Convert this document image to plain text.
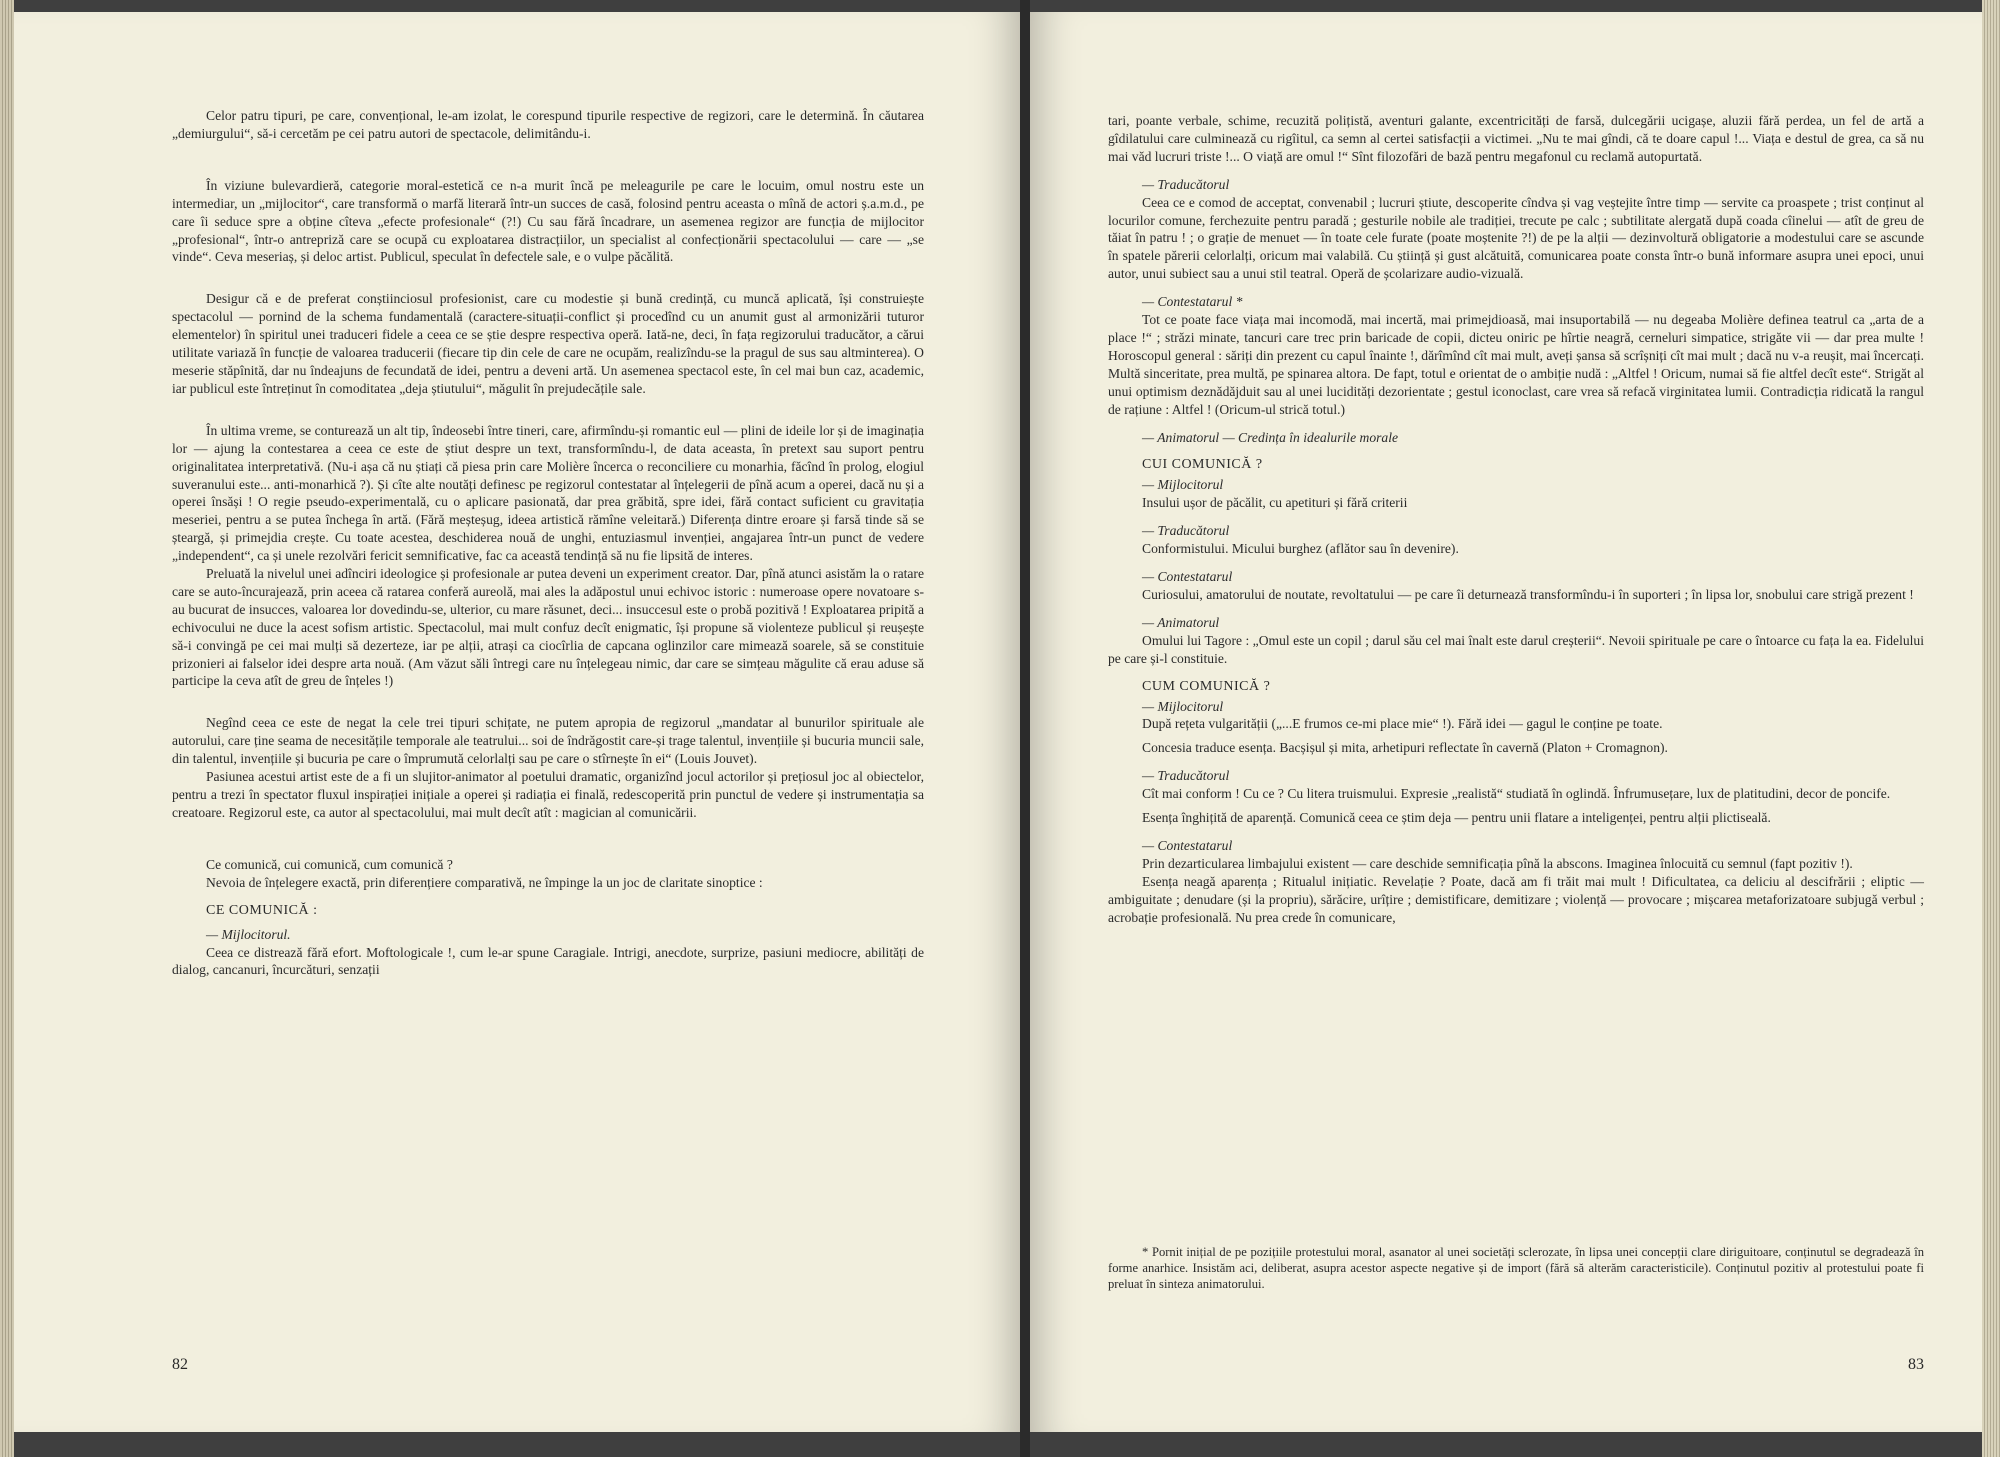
Celor patru tipuri, pe care, convențional, le-am izolat, le corespund tipurile respective de regizori, care le determină. În căutarea „demiurgului“, să-i cercetăm pe cei patru autori de spectacole, delimitându-i.

În viziune bulevardieră, categorie moral-estetică ce n-a murit încă pe meleagurile pe care le locuim, omul nostru este un intermediar, un „mijlocitor“, care transformă o marfă literară într-un succes de casă, folosind pentru aceasta o mînă de actori ș.a.m.d., pe care îi seduce spre a obține cîteva „efecte profesionale“ (?!) Cu sau fără încadrare, un asemenea regizor are funcția de mijlocitor „profesional“, într-o antrepriză care se ocupă cu exploatarea distracțiilor, un specialist al confecționării spectacolului — care — „se vinde“. Ceva meseriaș, și deloc artist. Publicul, speculat în defectele sale, e o vulpe păcălită.

Desigur că e de preferat conștiinciosul profesionist, care cu modestie și bună credință, cu muncă aplicată, își construiește spectacolul — pornind de la schema fundamentală (caractere-situații-conflict și procedînd cu un anumit gust al armonizării tuturor elementelor) în spiritul unei traduceri fidele a ceea ce se știe despre respectiva operă. Iată-ne, deci, în fața regizorului traducător, a cărui utilitate variază în funcție de valoarea traducerii (fiecare tip din cele de care ne ocupăm, realizîndu-se la pragul de sus sau altminterea). O meserie stăpînită, dar nu îndeajuns de fecundată de idei, pentru a deveni artă. Un asemenea spectacol este, în cel mai bun caz, academic, iar publicul este întreținut în comoditatea „deja știutului“, măgulit în prejudecățile sale.

În ultima vreme, se conturează un alt tip, îndeosebi între tineri, care, afirmîndu-și romantic eul — plini de ideile lor și de imaginația lor — ajung la contestarea a ceea ce este de știut despre un text, transformîndu-l, de data aceasta, în pretext sau suport pentru originalitatea interpretativă. (Nu-i așa că nu știați că piesa prin care Molière încerca o reconciliere cu monarhia, făcînd în prolog, elogiul suveranului este... anti-monarhică ?). Și cîte alte noutăți definesc pe regizorul contestatar al înțelegerii de pînă acum a operei, dacă nu și a operei însăși ! O regie pseudo-experimentală, cu o aplicare pasionată, dar prea grăbită, spre idei, fără contact suficient cu gravitația meseriei, pentru a se putea închega în artă. (Fără meșteșug, ideea artistică rămîne veleitară.) Diferența dintre eroare și farsă tinde să se șteargă, și primejdia crește. Cu toate acestea, deschiderea nouă de unghi, entuziasmul invenției, angajarea într-un punct de vedere „independent“, ca și unele rezolvări fericit semnificative, fac ca această tendință să nu fie lipsită de interes.

Preluată la nivelul unei adînciri ideologice și profesionale ar putea deveni un experiment creator. Dar, pînă atunci asistăm la o ratare care se auto-încurajează, prin aceea că ratarea conferă aureolă, mai ales la adăpostul unui echivoc istoric : numeroase opere novatoare s-au bucurat de insucces, valoarea lor dovedindu-se, ulterior, cu mare răsunet, deci... insuccesul este o probă pozitivă ! Exploatarea pripită a echivocului ne duce la acest sofism artistic. Spectacolul, mai mult confuz decît enigmatic, își propune să violenteze publicul și reușește să-i convingă pe cei mai mulți să dezerteze, iar pe alții, atrași ca ciocîrlia de capcana oglinzilor care mimează soarele, să se constituie prizonieri ai falselor idei despre arta nouă. (Am văzut săli întregi care nu înțelegeau nimic, dar care se simțeau măgulite că erau aduse să participe la ceva atît de greu de înțeles !)

Negînd ceea ce este de negat la cele trei tipuri schițate, ne putem apropia de regizorul „mandatar al bunurilor spirituale ale autorului, care ține seama de necesitățile temporale ale teatrului... soi de îndrăgostit care-și trage talentul, invențiile și bucuria muncii sale, din talentul, invențiile și bucuria pe care o împrumută celorlalți sau pe care o stîrnește în ei“ (Louis Jouvet).

Pasiunea acestui artist este de a fi un slujitor-animator al poetului dramatic, organizînd jocul actorilor și prețiosul joc al obiectelor, pentru a trezi în spectator fluxul inspirației inițiale a operei și radiația ei finală, redescoperită prin punctul de vedere și instrumentația sa creatoare. Regizorul este, ca autor al spectacolului, mai mult decît atît : magician al comunicării.

Ce comunică, cui comunică, cum comunică ?

Nevoia de înțelegere exactă, prin diferențiere comparativă, ne împinge la un joc de claritate sinoptice :

CE COMUNICĂ :
— Mijlocitorul.

Ceea ce distrează fără efort. Moftologicale !, cum le-ar spune Caragiale. Intrigi, anecdote, surprize, pasiuni mediocre, abilități de dialog, cancanuri, încurcături, senzații

82

tari, poante verbale, schime, recuzită polițistă, aventuri galante, excentricități de farsă, dulcegării ucigașe, aluzii fără perdea, un fel de artă a gîdilatului care culminează cu rigîitul, ca semn al certei satisfacții a victimei. „Nu te mai gîndi, că te doare capul !... Viața e destul de grea, ca să nu mai văd lucruri triste !... O viață are omul !“ Sînt filozofări de bază pentru megafonul cu reclamă autopurtată.

— Traducătorul

Ceea ce e comod de acceptat, convenabil ; lucruri știute, descoperite cîndva și vag veștejite între timp — servite ca proaspete ; trist conținut al locurilor comune, ferchezuite pentru paradă ; gesturile nobile ale tradiției, trecute pe calc ; subtilitate alergată după coada cîinelui — atît de greu de tăiat în patru ! ; o grație de menuet — în toate cele furate (poate moștenite ?!) de pe la alții — dezinvoltură obligatorie a modestului care se ascunde în spatele părerii celorlalți, oricum mai valabilă. Cu știință și gust alcătuită, comunicarea poate consta într-o bună informare asupra unei epoci, unui autor, unui subiect sau a unui stil teatral. Operă de școlarizare audio-vizuală.

— Contestatarul *

Tot ce poate face viața mai incomodă, mai incertă, mai primejdioasă, mai insuportabilă — nu degeaba Molière definea teatrul ca „arta de a place !“ ; străzi minate, tancuri care trec prin baricade de copii, dicteu oniric pe hîrtie neagră, cerneluri simpatice, strigăte vii — dar prea multe ! Horoscopul general : săriți din prezent cu capul înainte !, dărîmînd cît mai mult, aveți șansa să scrîșniți cît mai mult ; dacă nu v-a reușit, mai încercați. Multă sinceritate, prea multă, pe spinarea altora. De fapt, totul e orientat de o ambiție nudă : „Altfel ! Oricum, numai să fie altfel decît este“. Strigăt al unui optimism deznădăjduit sau al unei lucidități dezorientate ; gestul iconoclast, care vrea să refacă virginitatea lumii. Contradicția ridicată la rangul de rațiune : Altfel ! (Oricum-ul strică totul.)

— Animatorul — Credința în idealurile morale
CUI COMUNICĂ ?
— Mijlocitorul

Insului ușor de păcălit, cu apetituri și fără criterii

— Traducătorul

Conformistului. Micului burghez (aflător sau în devenire).

— Contestatarul

Curiosului, amatorului de noutate, revoltatului — pe care îi deturnează transformîndu-i în suporteri ; în lipsa lor, snobului care strigă prezent !

— Animatorul

Omului lui Tagore : „Omul este un copil ; darul său cel mai înalt este darul creșterii“. Nevoii spirituale pe care o întoarce cu fața la ea. Fidelului pe care și-l constituie.

CUM COMUNICĂ ?
— Mijlocitorul

După rețeta vulgarității („...E frumos ce-mi place mie“ !). Fără idei — gagul le conține pe toate.

Concesia traduce esența. Bacșișul și mita, arhetipuri reflectate în cavernă (Platon + Cromagnon).

— Traducătorul

Cît mai conform ! Cu ce ? Cu litera truismului. Expresie „realistă“ studiată în oglindă. Înfrumusețare, lux de platitudini, decor de poncife.

Esența înghițită de aparență. Comunică ceea ce știm deja — pentru unii flatare a inteligenței, pentru alții plictiseală.

— Contestatarul

Prin dezarticularea limbajului existent — care deschide semnificația pînă la abscons. Imaginea înlocuită cu semnul (fapt pozitiv !).

Esența neagă aparența ; Ritualul inițiatic. Revelație ? Poate, dacă am fi trăit mai mult ! Dificultatea, ca deliciu al descifrării ; eliptic — ambiguitate ; denudare (și la propriu), sărăcire, urîțire ; demistificare, demitizare ; violență — provocare ; mișcarea metaforizatoare subjugă verbul ; acrobație profesională. Nu prea crede în comunicare,

* Pornit inițial de pe pozițiile protestului moral, asanator al unei societăți sclerozate, în lipsa unei concepții clare diriguitoare, conținutul se degradează în forme anarhice. Insistăm aci, deliberat, asupra acestor aspecte negative și de import (fără să alterăm caracteristicile). Conținutul pozitiv al protestului poate fi preluat în sinteza animatorului.

83
